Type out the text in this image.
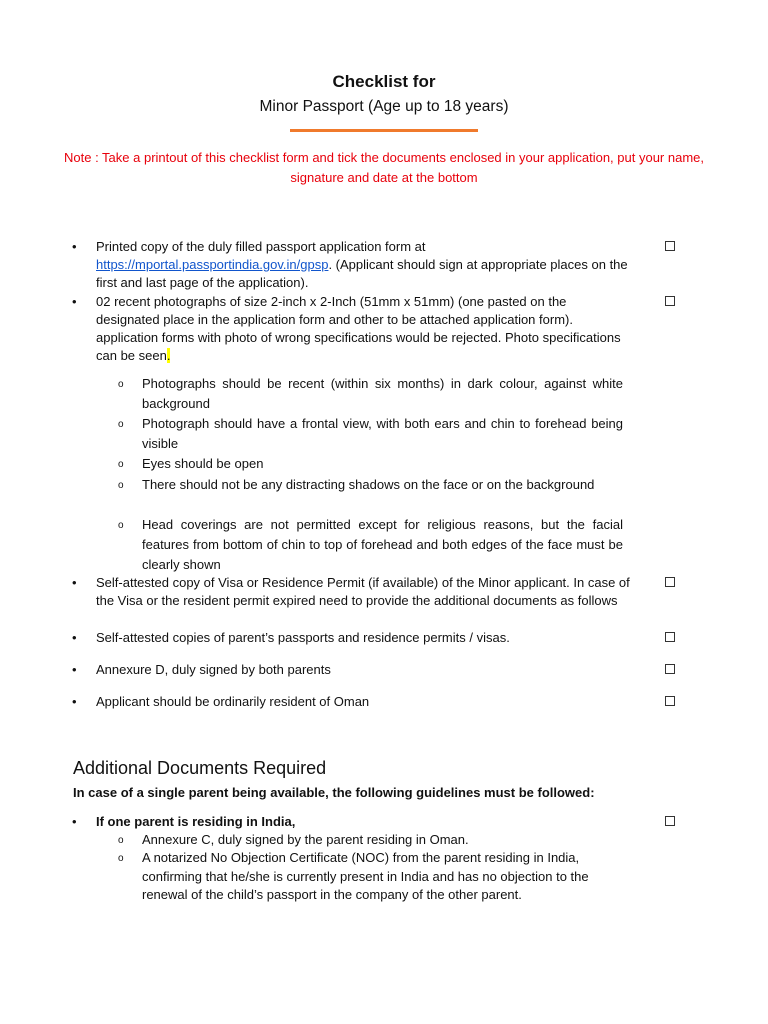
Checklist for
Minor Passport (Age up to 18 years)
Note : Take a printout of this checklist form and tick the documents enclosed in your application, put your name, signature and date at the bottom
• Printed copy of the duly filled passport application form at https://mportal.passportindia.gov.in/gpsp. (Applicant should sign at appropriate places on the first and last page of the application).
• 02 recent photographs of size 2-inch x 2-Inch (51mm x 51mm) (one pasted on the designated place in the application form and other to be attached application form). application forms with photo of wrong specifications would be rejected. Photo specifications can be seen.
o Photographs should be recent (within six months) in dark colour, against white background
o Photograph should have a frontal view, with both ears and chin to forehead being visible
o Eyes should be open
o There should not be any distracting shadows on the face or on the background
o Head coverings are not permitted except for religious reasons, but the facial features from bottom of chin to top of forehead and both edges of the face must be clearly shown
• Self-attested copy of Visa or Residence Permit (if available) of the Minor applicant. In case of the Visa or the resident permit expired need to provide the additional documents as follows
• Self-attested copies of parent’s passports and residence permits / visas.
• Annexure D, duly signed by both parents
• Applicant should be ordinarily resident of Oman
Additional Documents Required
In case of a single parent being available, the following guidelines must be followed:
• If one parent is residing in India,
o Annexure C, duly signed by the parent residing in Oman.
o A notarized No Objection Certificate (NOC) from the parent residing in India, confirming that he/she is currently present in India and has no objection to the renewal of the child’s passport in the company of the other parent.
